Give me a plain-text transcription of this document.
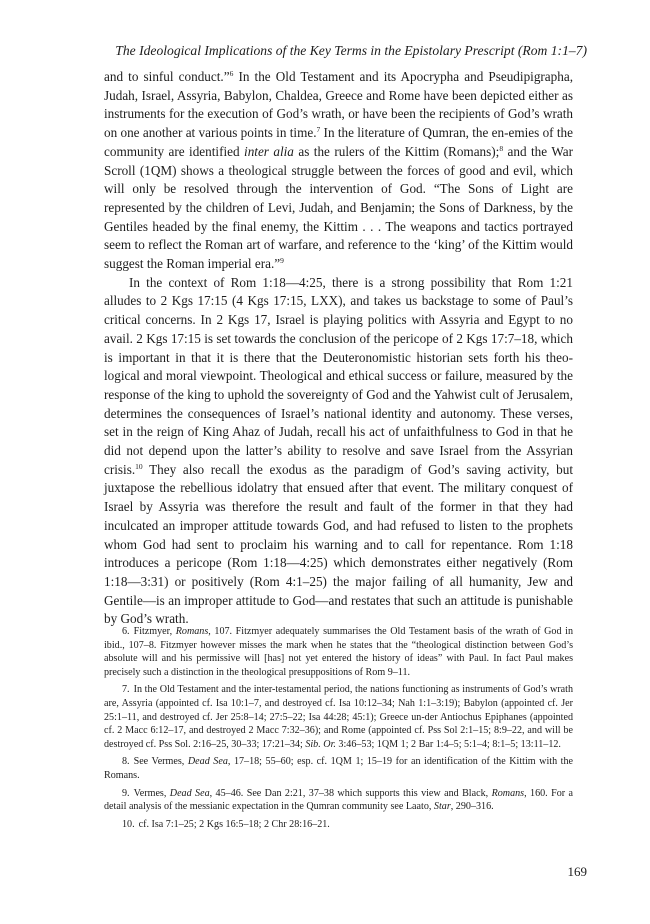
The Ideological Implications of the Key Terms in the Epistolary Prescript (Rom 1:1–7)

and to sinful conduct.”$^6$ In the Old Testament and its Apocrypha and Pseudipigrapha, Judah, Israel, Assyria, Babylon, Chaldea, Greece and Rome have been depicted either as instruments for the execution of God’s wrath, or have been the recipients of God’s wrath on one another at various points in time.$^7$ In the literature of Qumran, the en-emies of the community are identified inter alia as the rulers of the Kittim (Romans);$^8$ and the War Scroll (1QM) shows a theological struggle between the forces of good and evil, which will only be resolved through the intervention of God. “The Sons of Light are represented by the children of Levi, Judah, and Benjamin; the Sons of Darkness, by the Gentiles headed by the final enemy, the Kittim . . . The weapons and tactics portrayed seem to reflect the Roman art of warfare, and reference to the ‘king’ of the Kittim would suggest the Roman imperial era.”$^9$

In the context of Rom 1:18—4:25, there is a strong possibility that Rom 1:21 alludes to 2 Kgs 17:15 (4 Kgs 17:15, LXX), and takes us backstage to some of Paul’s critical concerns. In 2 Kgs 17, Israel is playing politics with Assyria and Egypt to no avail. 2 Kgs 17:15 is set towards the conclusion of the pericope of 2 Kgs 17:7–18, which is important in that it is there that the Deuteronomistic historian sets forth his theo-logical and moral viewpoint. Theological and ethical success or failure, measured by the response of the king to uphold the sovereignty of God and the Yahwist cult of Jerusalem, determines the consequences of Israel’s national identity and autonomy. These verses, set in the reign of King Ahaz of Judah, recall his act of unfaithfulness to God in that he did not depend upon the latter’s ability to resolve and save Israel from the Assyrian crisis.$^{10}$ They also recall the exodus as the paradigm of God’s saving activity, but juxtapose the rebellious idolatry that ensued after that event. The military conquest of Israel by Assyria was therefore the result and fault of the former in that they had inculcated an improper attitude towards God, and had refused to listen to the prophets whom God had sent to proclaim his warning and to call for repentance. Rom 1:18 introduces a pericope (Rom 1:18—4:25) which demonstrates either negatively (Rom 1:18—3:31) or positively (Rom 4:1–25) the major failing of all humanity, Jew and Gentile—is an improper attitude to God—and restates that such an attitude is punishable by God’s wrath.

6. Fitzmyer, Romans, 107. Fitzmyer adequately summarises the Old Testament basis of the wrath of God in ibid., 107–8. Fitzmyer however misses the mark when he states that the “theological distinction between God’s absolute will and his permissive will [has] not yet entered the history of ideas” with Paul. In fact Paul makes precisely such a distinction in the theological presuppositions of Rom 9–11.

7. In the Old Testament and the inter-testamental period, the nations functioning as instruments of God’s wrath are, Assyria (appointed cf. Isa 10:1–7, and destroyed cf. Isa 10:12–34; Nah 1:1–3:19); Babylon (appointed cf. Jer 25:1–11, and destroyed cf. Jer 25:8–14; 27:5–22; Isa 44:28; 45:1); Greece un-der Antiochus Epiphanes (appointed cf. 2 Macc 6:12–17, and destroyed 2 Macc 7:32–36); and Rome (appointed cf. Pss Sol 2:1–15; 8:9–22, and will be destroyed cf. Pss Sol. 2:16–25, 30–33; 17:21–34; Sib. Or. 3:46–53; 1QM 1; 2 Bar 1:4–5; 5:1–4; 8:1–5; 13:11–12.

8. See Vermes, Dead Sea, 17–18; 55–60; esp. cf. 1QM 1; 15–19 for an identification of the Kittim with the Romans.

9. Vermes, Dead Sea, 45–46. See Dan 2:21, 37–38 which supports this view and Black, Romans, 160. For a detail analysis of the messianic expectation in the Qumran community see Laato, Star, 290–316.

10. cf. Isa 7:1–25; 2 Kgs 16:5–18; 2 Chr 28:16–21.

169
